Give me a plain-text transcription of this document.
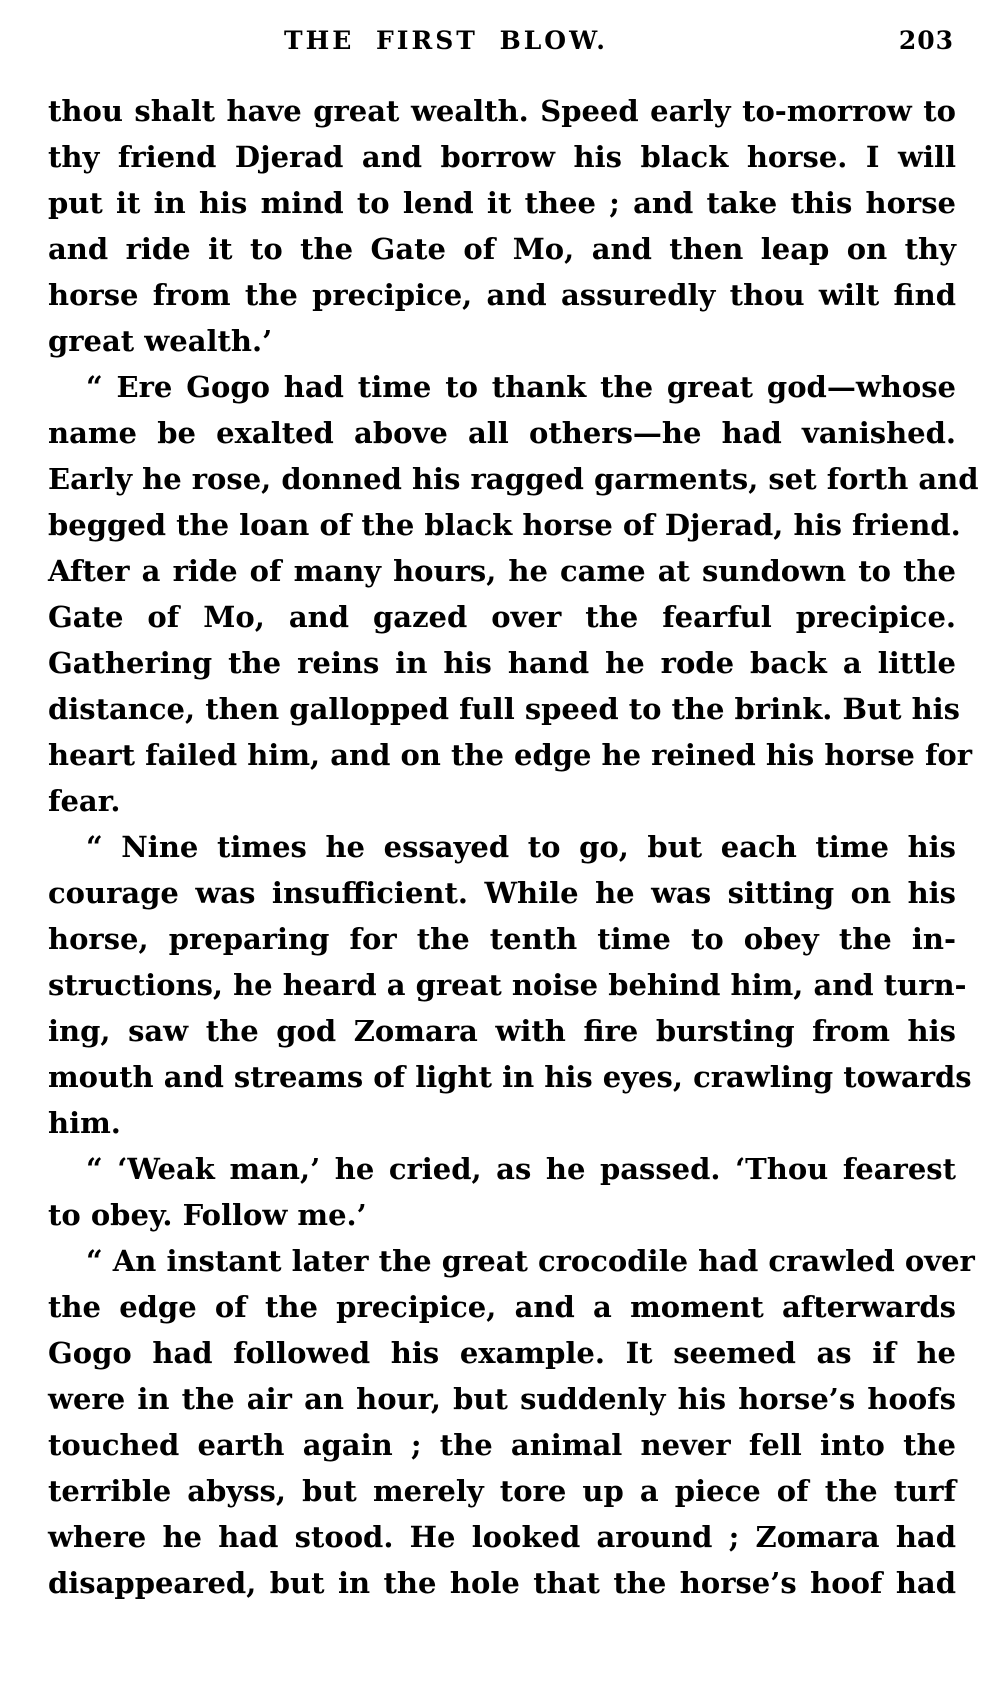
THE FIRST BLOW.	203

thou shalt have great wealth. Speed early to-morrow to
thy friend Djerad and borrow his black horse. I will
put it in his mind to lend it thee ; and take this horse
and ride it to the Gate of Mo, and then leap on thy
horse from the precipice, and assuredly thou wilt find
great wealth.’

“ Ere Gogo had time to thank the great god—whose
name be exalted above all others—he had vanished.
Early he rose, donned his ragged garments, set forth and
begged the loan of the black horse of Djerad, his friend.
After a ride of many hours, he came at sundown to the
Gate of Mo, and gazed over the fearful precipice.
Gathering the reins in his hand he rode back a little
distance, then gallopped full speed to the brink. But his
heart failed him, and on the edge he reined his horse for
fear.

“ Nine times he essayed to go, but each time his
courage was insufficient. While he was sitting on his
horse, preparing for the tenth time to obey the in-
structions, he heard a great noise behind him, and turn-
ing, saw the god Zomara with fire bursting from his
mouth and streams of light in his eyes, crawling towards
him.

“ ‘Weak man,’ he cried, as he passed. ‘Thou fearest
to obey. Follow me.’

“ An instant later the great crocodile had crawled over
the edge of the precipice, and a moment afterwards
Gogo had followed his example. It seemed as if he
were in the air an hour, but suddenly his horse’s hoofs
touched earth again ; the animal never fell into the
terrible abyss, but merely tore up a piece of the turf
where he had stood. He looked around ; Zomara had
disappeared, but in the hole that the horse’s hoof had
